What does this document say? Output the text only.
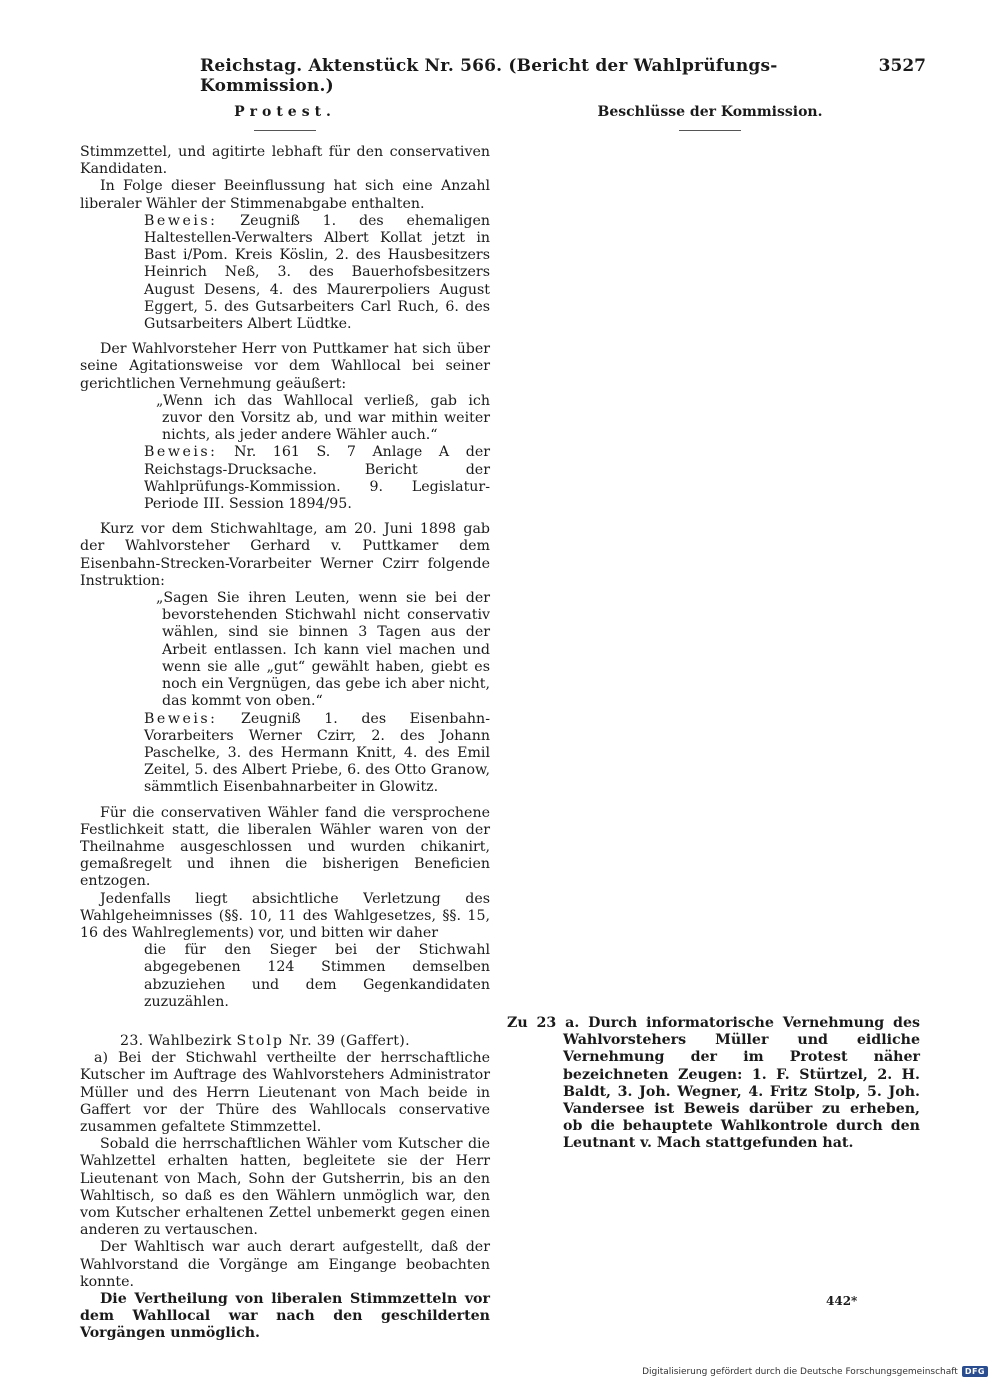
Reichstag. Aktenstück Nr. 566. (Bericht der Wahlprüfungs-Kommission.)
3527
Protest.	Beschlüsse der Kommission.

Stimmzettel, und agitirte lebhaft für den conservativen Kandidaten.

In Folge dieser Beeinflussung hat sich eine Anzahl liberaler Wähler der Stimmenabgabe enthalten.

Beweis: Zeugniß 1. des ehemaligen Haltestellen-Verwalters Albert Kollat jetzt in Bast i/Pom. Kreis Köslin, 2. des Hausbesitzers Heinrich Neß, 3. des Bauerhofsbesitzers August Desens, 4. des Maurerpoliers August Eggert, 5. des Gutsarbeiters Carl Ruch, 6. des Gutsarbeiters Albert Lüdtke.

Der Wahlvorsteher Herr von Puttkamer hat sich über seine Agitationsweise vor dem Wahllocal bei seiner gerichtlichen Vernehmung geäußert:

„Wenn ich das Wahllocal verließ, gab ich zuvor den Vorsitz ab, und war mithin weiter nichts, als jeder andere Wähler auch.“

Beweis: Nr. 161 S. 7 Anlage A der Reichstags-Drucksache. Bericht der Wahlprüfungs-Kommission. 9. Legislatur-Periode III. Session 1894/95.

Kurz vor dem Stichwahltage, am 20. Juni 1898 gab der Wahlvorsteher Gerhard v. Puttkamer dem Eisenbahn-Strecken-Vorarbeiter Werner Czirr folgende Instruktion:

„Sagen Sie ihren Leuten, wenn sie bei der bevorstehenden Stichwahl nicht conservativ wählen, sind sie binnen 3 Tagen aus der Arbeit entlassen. Ich kann viel machen und wenn sie alle „gut“ gewählt haben, giebt es noch ein Vergnügen, das gebe ich aber nicht, das kommt von oben.“

Beweis: Zeugniß 1. des Eisenbahn-Vorarbeiters Werner Czirr, 2. des Johann Paschelke, 3. des Hermann Knitt, 4. des Emil Zeitel, 5. des Albert Priebe, 6. des Otto Granow, sämmtlich Eisenbahnarbeiter in Glowitz.

Für die conservativen Wähler fand die versprochene Festlichkeit statt, die liberalen Wähler waren von der Theilnahme ausgeschlossen und wurden chikanirt, gemaßregelt und ihnen die bisherigen Beneficien entzogen.

Jedenfalls liegt absichtliche Verletzung des Wahlgeheimnisses (§§. 10, 11 des Wahlgesetzes, §§. 15, 16 des Wahlreglements) vor, und bitten wir daher

die für den Sieger bei der Stichwahl abgegebenen 124 Stimmen demselben abzuziehen und dem Gegenkandidaten zuzuzählen.

23. Wahlbezirk Stolp Nr. 39 (Gaffert).

a) Bei der Stichwahl vertheilte der herrschaftliche Kutscher im Auftrage des Wahlvorstehers Administrator Müller und des Herrn Lieutenant von Mach beide in Gaffert vor der Thüre des Wahllocals conservative zusammen gefaltete Stimmzettel.

Sobald die herrschaftlichen Wähler vom Kutscher die Wahlzettel erhalten hatten, begleitete sie der Herr Lieutenant von Mach, Sohn der Gutsherrin, bis an den Wahltisch, so daß es den Wählern unmöglich war, den vom Kutscher erhaltenen Zettel unbemerkt gegen einen anderen zu vertauschen.

Der Wahltisch war auch derart aufgestellt, daß der Wahlvorstand die Vorgänge am Eingange beobachten konnte.

Die Vertheilung von liberalen Stimmzetteln vor dem Wahllocal war nach den geschilderten Vorgängen unmöglich.

Zu 23 a. Durch informatorische Vernehmung des Wahlvorstehers Müller und eidliche Vernehmung der im Protest näher bezeichneten Zeugen: 1. F. Stürtzel, 2. H. Baldt, 3. Joh. Wegner, 4. Fritz Stolp, 5. Joh. Vandersee ist Beweis darüber zu erheben, ob die behauptete Wahlkontrole durch den Leutnant v. Mach stattgefunden hat.

442*
Digitalisierung gefördert durch die Deutsche Forschungsgemeinschaft DFG
